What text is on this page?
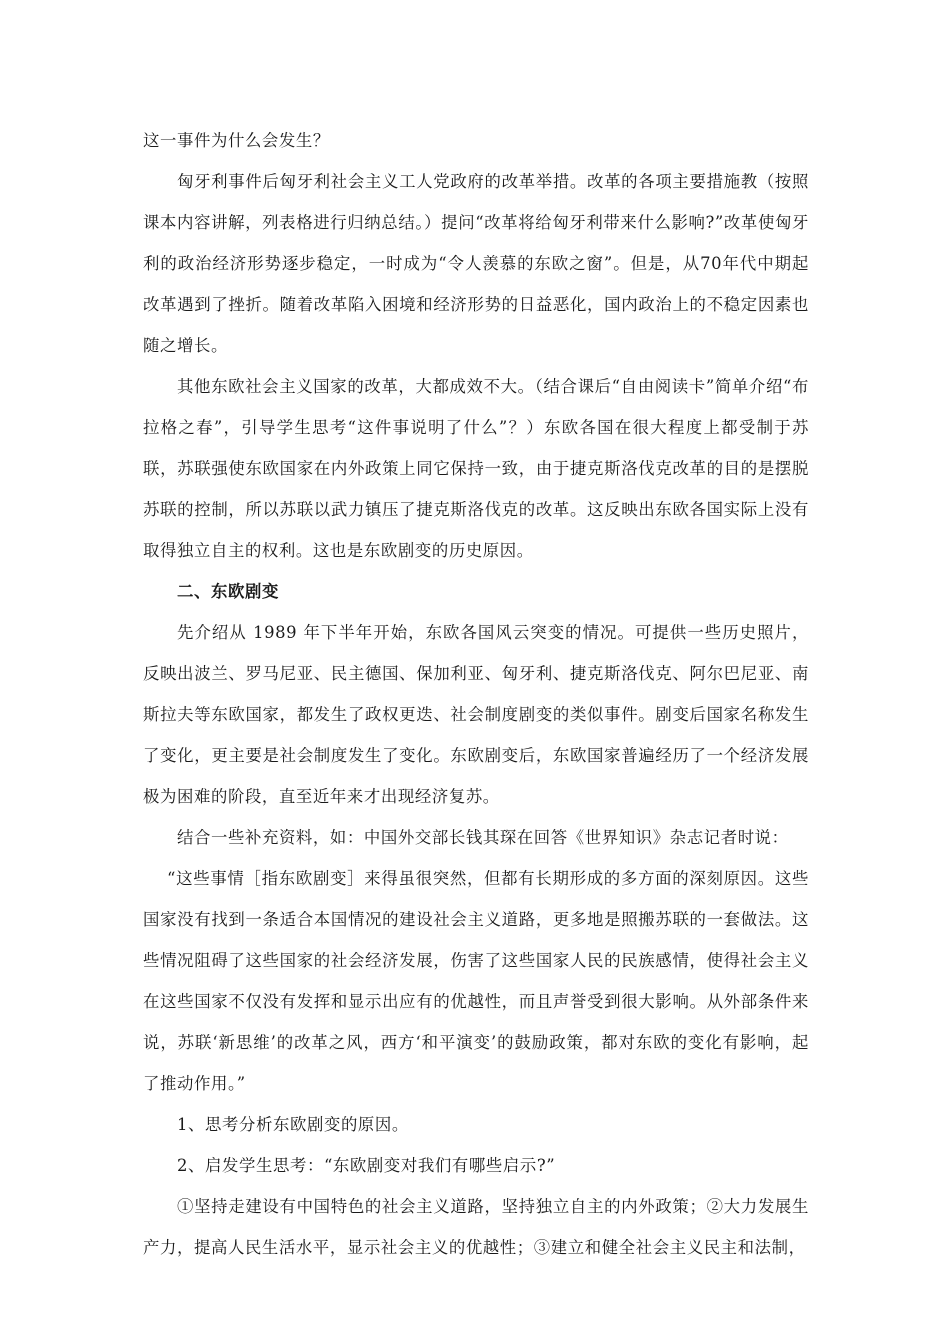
这一事件为什么会发生？

匈牙利事件后匈牙利社会主义工人党政府的改革举措。改革的各项主要措施教（按照课本内容讲解，列表格进行归纳总结。）提问“改革将给匈牙利带来什么影响?”改革使匈牙利的政治经济形势逐步稳定，一时成为“令人羡慕的东欧之窗”。但是，从70年代中期起改革遇到了挫折。随着改革陷入困境和经济形势的日益恶化，国内政治上的不稳定因素也随之增长。

其他东欧社会主义国家的改革，大都成效不大。（结合课后“自由阅读卡”简单介绍“布拉格之春”，引导学生思考“这件事说明了什么”？）东欧各国在很大程度上都受制于苏联，苏联强使东欧国家在内外政策上同它保持一致，由于捷克斯洛伐克改革的目的是摆脱苏联的控制，所以苏联以武力镇压了捷克斯洛伐克的改革。这反映出东欧各国实际上没有取得独立自主的权利。这也是东欧剧变的历史原因。

二、东欧剧变

先介绍从 1989 年下半年开始，东欧各国风云突变的情况。可提供一些历史照片，反映出波兰、罗马尼亚、民主德国、保加利亚、匈牙利、捷克斯洛伐克、阿尔巴尼亚、南斯拉夫等东欧国家，都发生了政权更迭、社会制度剧变的类似事件。剧变后国家名称发生了变化，更主要是社会制度发生了变化。东欧剧变后，东欧国家普遍经历了一个经济发展极为困难的阶段，直至近年来才出现经济复苏。

结合一些补充资料，如：中国外交部长钱其琛在回答《世界知识》杂志记者时说：

“这些事情［指东欧剧变］来得虽很突然，但都有长期形成的多方面的深刻原因。这些国家没有找到一条适合本国情况的建设社会主义道路，更多地是照搬苏联的一套做法。这些情况阻碍了这些国家的社会经济发展，伤害了这些国家人民的民族感情，使得社会主义在这些国家不仅没有发挥和显示出应有的优越性，而且声誉受到很大影响。从外部条件来说，苏联‘新思维’的改革之风，西方‘和平演变’的鼓励政策，都对东欧的变化有影响，起了推动作用。”

1、思考分析东欧剧变的原因。

2、启发学生思考：“东欧剧变对我们有哪些启示?”

①坚持走建设有中国特色的社会主义道路，坚持独立自主的内外政策；②大力发展生产力，提高人民生活水平，显示社会主义的优越性；③建立和健全社会主义民主和法制，
